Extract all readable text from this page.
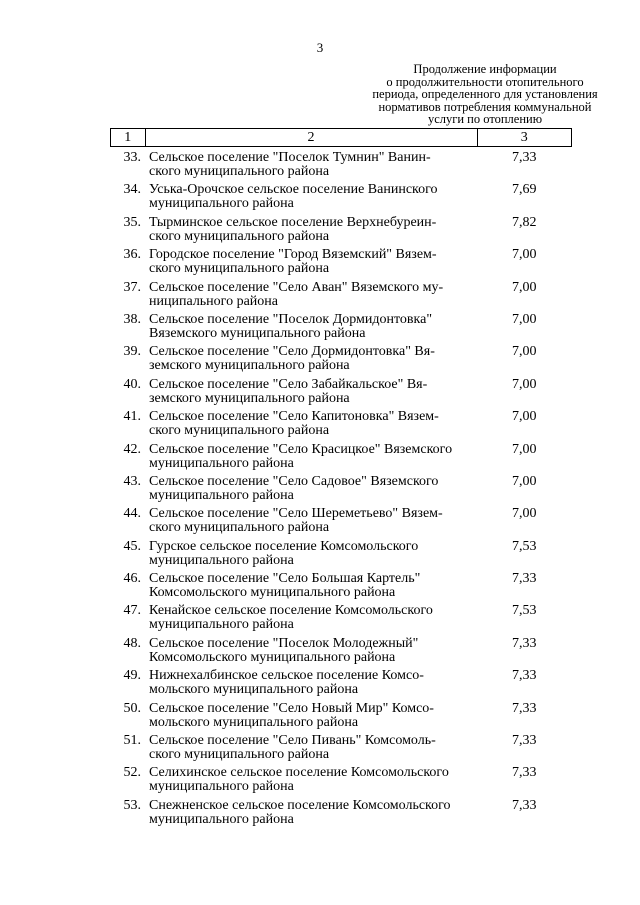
3
Продолжение информации
о продолжительности отопительного
периода, определенного для установления
нормативов потребления коммунальной
услуги по отоплению
1	2	3
33.	Сельское поселение "Поселок Тумнин" Ванин-
ского муниципального района	7,33
34.	Уська-Орочское сельское поселение Ванинского
муниципального района	7,69
35.	Тырминское сельское поселение Верхнебуреин-
ского муниципального района	7,82
36.	Городское поселение "Город Вяземский" Вязем-
ского муниципального района	7,00
37.	Сельское поселение "Село Аван" Вяземского му-
ниципального района	7,00
38.	Сельское поселение "Поселок Дормидонтовка"
Вяземского муниципального района	7,00
39.	Сельское поселение "Село Дормидонтовка" Вя-
земского муниципального района	7,00
40.	Сельское поселение "Село Забайкальское" Вя-
земского муниципального района	7,00
41.	Сельское поселение "Село Капитоновка" Вязем-
ского муниципального района	7,00
42.	Сельское поселение "Село Красицкое" Вяземского
муниципального района	7,00
43.	Сельское поселение "Село Садовое" Вяземского
муниципального района	7,00
44.	Сельское поселение "Село Шереметьево" Вязем-
ского муниципального района	7,00
45.	Гурское сельское поселение Комсомольского
муниципального района	7,53
46.	Сельское поселение "Село Большая Картель"
Комсомольского муниципального района	7,33
47.	Кенайское сельское поселение Комсомольского
муниципального района	7,53
48.	Сельское поселение "Поселок Молодежный"
Комсомольского муниципального района	7,33
49.	Нижнехалбинское сельское поселение Комсо-
мольского муниципального района	7,33
50.	Сельское поселение "Село Новый Мир" Комсо-
мольского муниципального района	7,33
51.	Сельское поселение "Село Пивань" Комсомоль-
ского муниципального района	7,33
52.	Селихинское сельское поселение Комсомольского
муниципального района	7,33
53.	Снежненское сельское поселение Комсомольского
муниципального района	7,33
